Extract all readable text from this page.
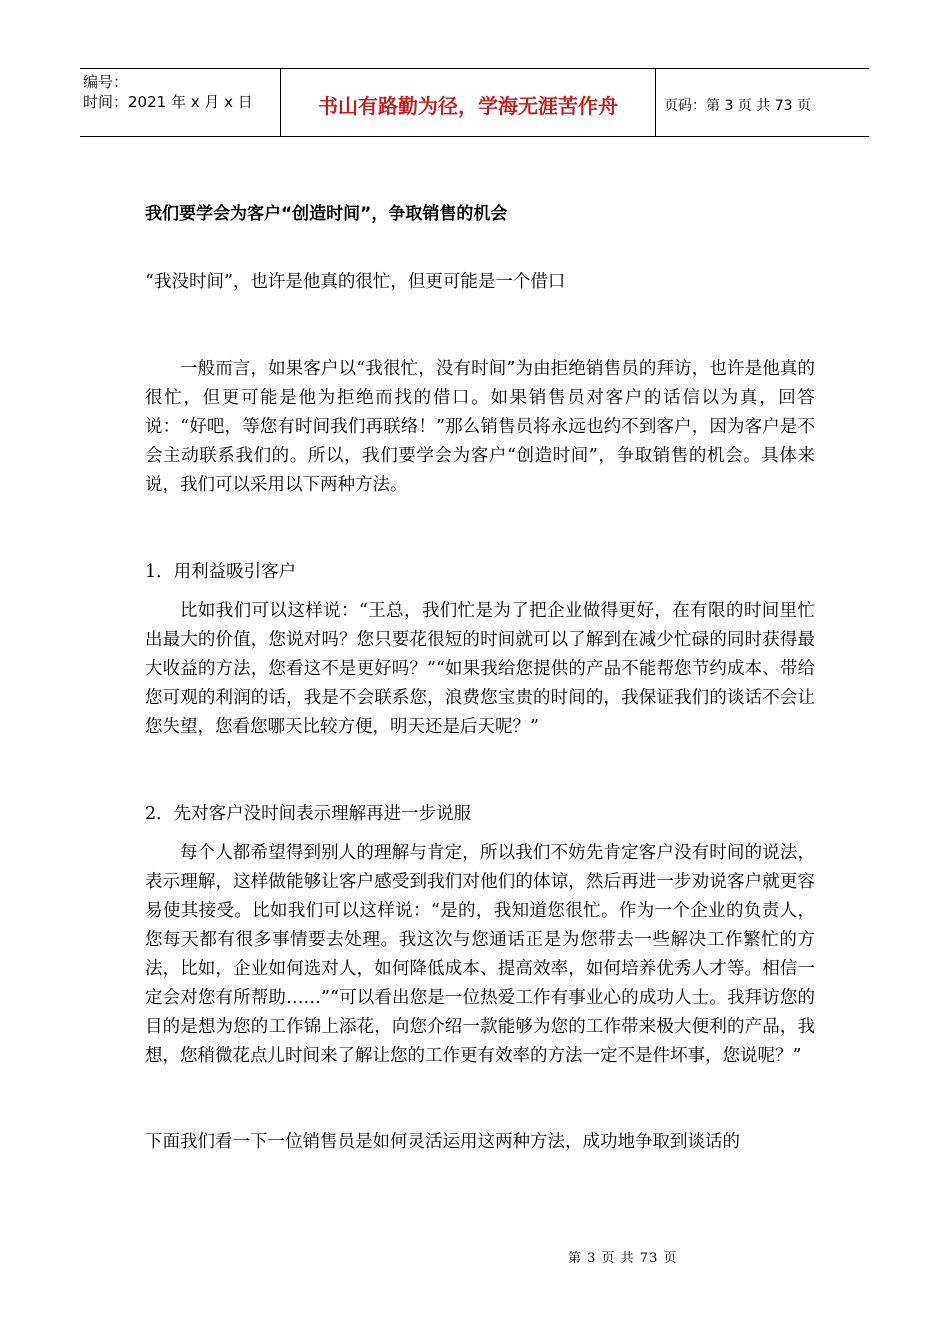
编号：
时间：2021 年 x 月 x 日	书山有路勤为径，学海无涯苦作舟	页码：第 3 页 共 73 页

我们要学会为客户“创造时间”，争取销售的机会

“我没时间”，也许是他真的很忙，但更可能是一个借口

一般而言，如果客户以“我很忙，没有时间”为由拒绝销售员的拜访，也许是他真的很忙，但更可能是他为拒绝而找的借口。如果销售员对客户的话信以为真，回答说：“好吧，等您有时间我们再联络！”那么销售员将永远也约不到客户，因为客户是不会主动联系我们的。所以，我们要学会为客户“创造时间”，争取销售的机会。具体来说，我们可以采用以下两种方法。

1．用利益吸引客户

比如我们可以这样说：“王总，我们忙是为了把企业做得更好，在有限的时间里忙出最大的价值，您说对吗？您只要花很短的时间就可以了解到在减少忙碌的同时获得最大收益的方法，您看这不是更好吗？”“如果我给您提供的产品不能帮您节约成本、带给您可观的利润的话，我是不会联系您，浪费您宝贵的时间的，我保证我们的谈话不会让您失望，您看您哪天比较方便，明天还是后天呢？”

2．先对客户没时间表示理解再进一步说服

每个人都希望得到别人的理解与肯定，所以我们不妨先肯定客户没有时间的说法，表示理解，这样做能够让客户感受到我们对他们的体谅，然后再进一步劝说客户就更容易使其接受。比如我们可以这样说：“是的，我知道您很忙。作为一个企业的负责人，您每天都有很多事情要去处理。我这次与您通话正是为您带去一些解决工作繁忙的方法，比如，企业如何选对人，如何降低成本、提高效率，如何培养优秀人才等。相信一定会对您有所帮助……”“可以看出您是一位热爱工作有事业心的成功人士。我拜访您的目的是想为您的工作锦上添花，向您介绍一款能够为您的工作带来极大便利的产品，我想，您稍微花点儿时间来了解让您的工作更有效率的方法一定不是件坏事，您说呢？”

下面我们看一下一位销售员是如何灵活运用这两种方法，成功地争取到谈话的

第 3 页 共 73 页
